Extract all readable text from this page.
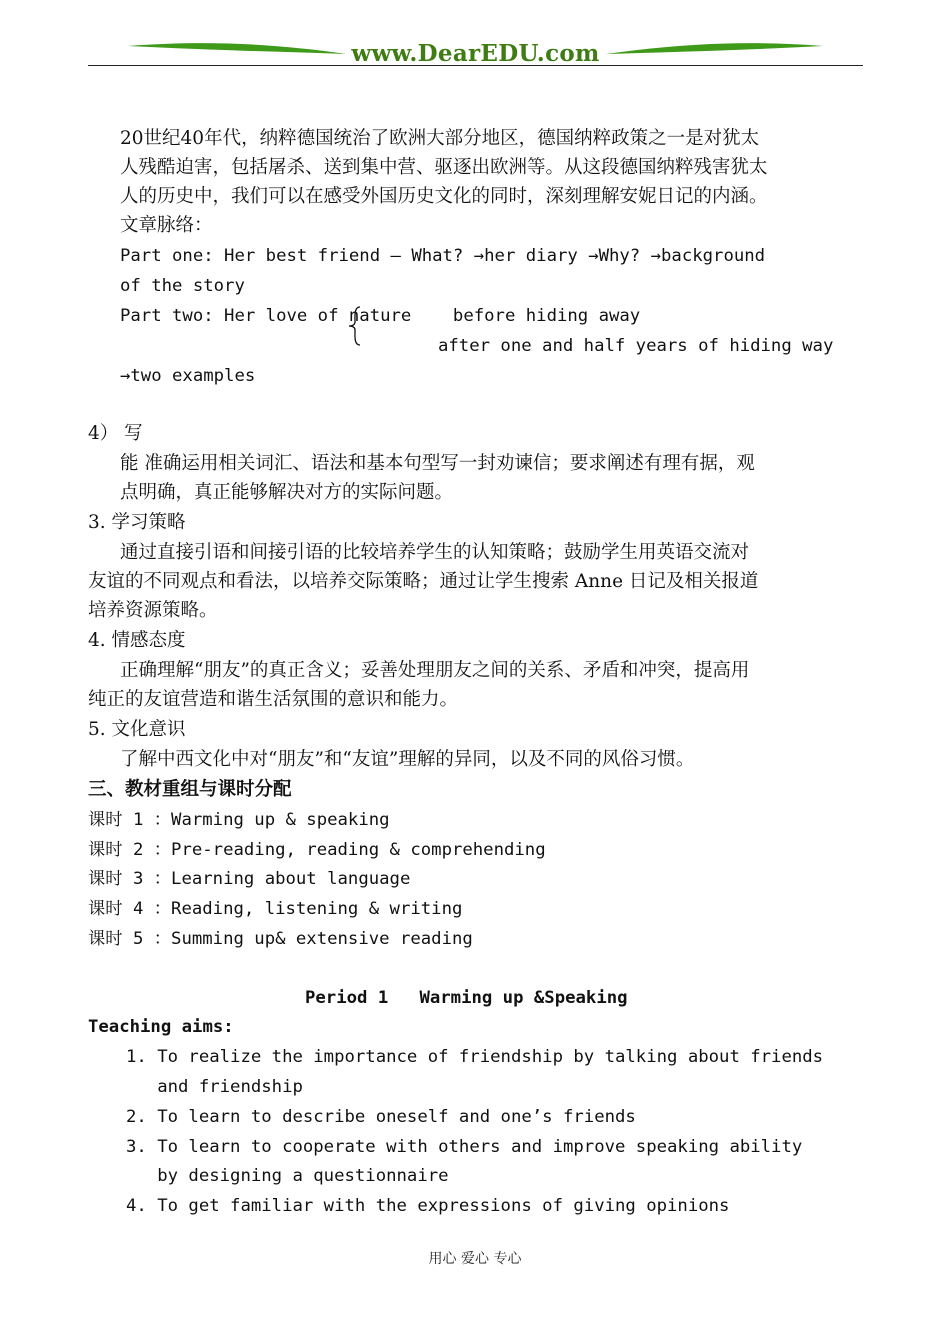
www.DearEDU.com
20世纪40年代，纳粹德国统治了欧洲大部分地区，德国纳粹政策之一是对犹太
人残酷迫害，包括屠杀、送到集中营、驱逐出欧洲等。从这段德国纳粹残害犹太
人的历史中，我们可以在感受外国历史文化的同时，深刻理解安妮日记的内涵。
文章脉络：
Part one: Her best friend — What? →her diary →Why? →background
of the story
Part two: Her love of nature    before hiding away
after one and half years of hiding way
→two examples
4） 写
能 准确运用相关词汇、语法和基本句型写一封劝谏信；要求阐述有理有据，观
点明确，真正能够解决对方的实际问题。
3. 学习策略
通过直接引语和间接引语的比较培养学生的认知策略；鼓励学生用英语交流对
友谊的不同观点和看法，以培养交际策略；通过让学生搜索 Anne 日记及相关报道
培养资源策略。
4. 情感态度
正确理解“朋友”的真正含义；妥善处理朋友之间的关系、矛盾和冲突，提高用
纯正的友谊营造和谐生活氛围的意识和能力。
5. 文化意识
了解中西文化中对“朋友”和“友谊”理解的异同，以及不同的风俗习惯。
三、教材重组与课时分配
课时 1 ：Warming up & speaking
课时 2 ：Pre-reading, reading & comprehending
课时 3 ：Learning about language
课时 4 ：Reading, listening & writing
课时 5 ：Summing up& extensive reading
Period 1   Warming up &Speaking
Teaching aims:
1. To realize the importance of friendship by talking about friends
and friendship
2. To learn to describe oneself and one’s friends
3. To learn to cooperate with others and improve speaking ability
by designing a questionnaire
4. To get familiar with the expressions of giving opinions
用心 爱心 专心
